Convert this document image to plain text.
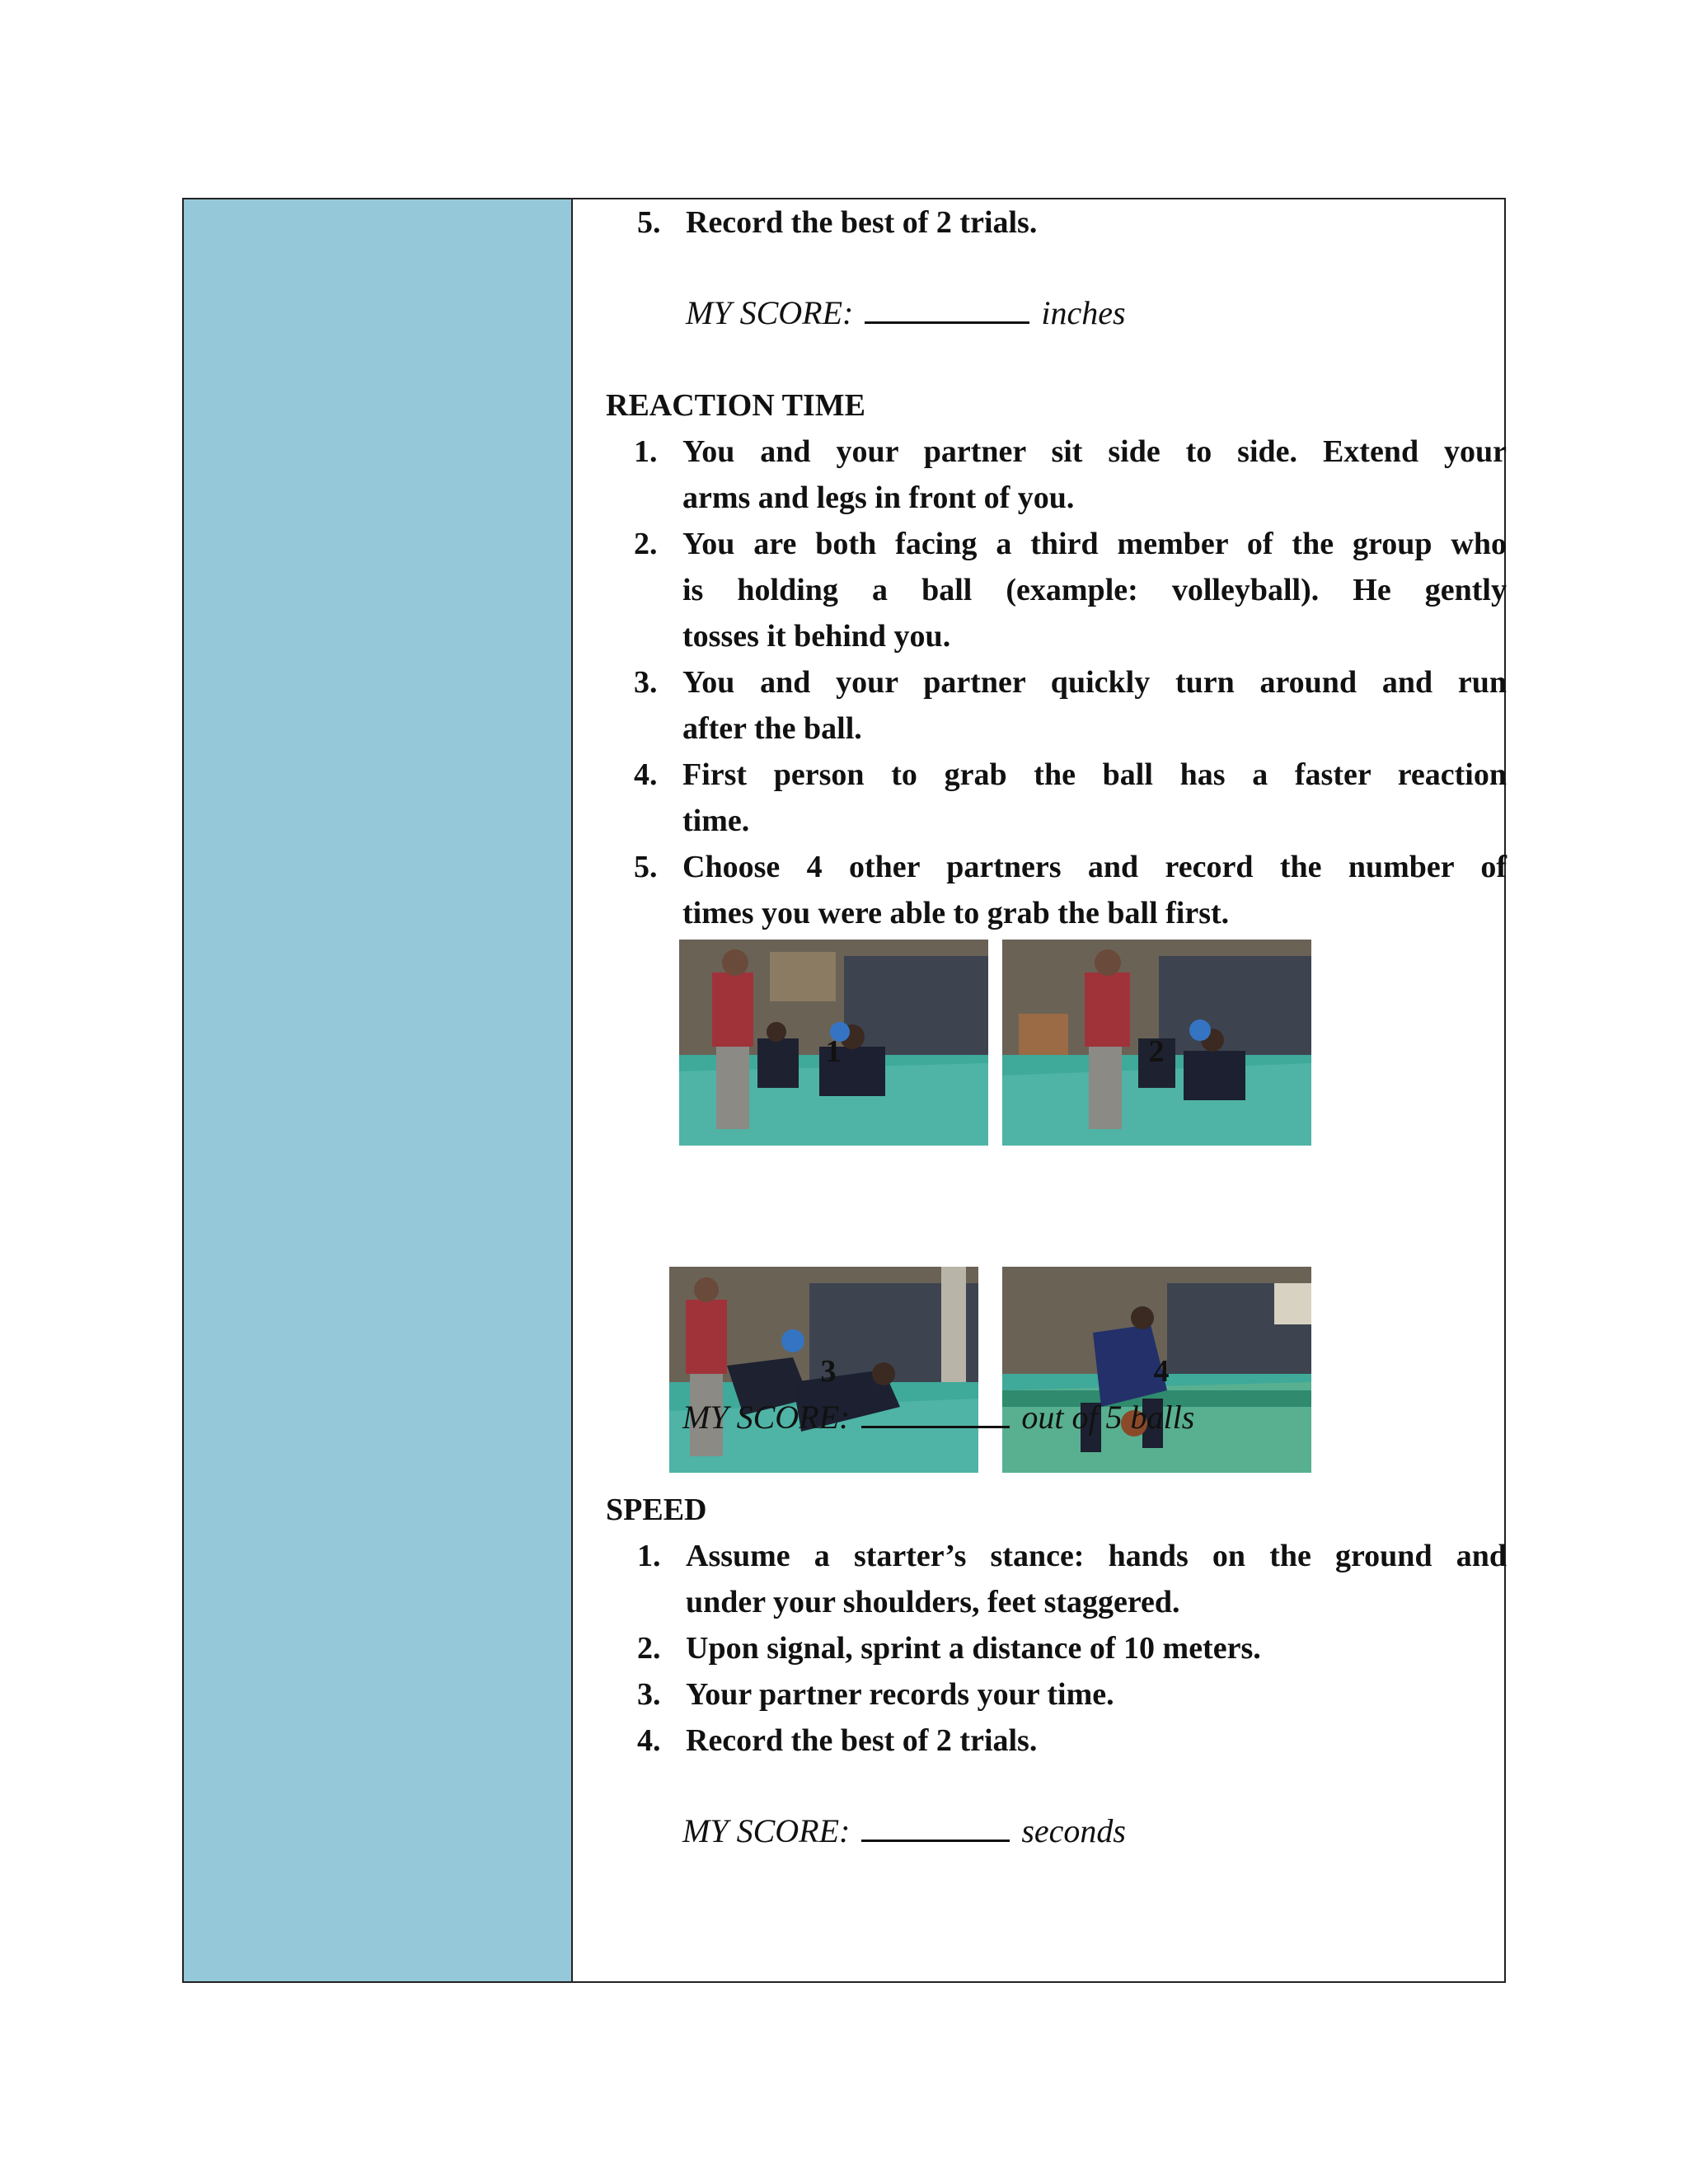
5. Record the best of 2 trials.
MY SCORE:	inches
REACTION TIME
1. You and your partner sit side to side. Extend your
arms and legs in front of you.
2. You are both facing a third member of the group who
is holding a ball (example: volleyball). He gently
tosses it behind you.
3. You and your partner quickly turn around and run
after the ball.
4. First person to grab the ball has a faster reaction
time.
5. Choose 4 other partners and record the number of
times you were able to grab the ball first.
1	2
3	4
MY SCORE:	out of 5 balls
SPEED
1. Assume a starter’s stance: hands on the ground and
under your shoulders, feet staggered.
2. Upon signal, sprint a distance of 10 meters.
3. Your partner records your time.
4. Record the best of 2 trials.
MY SCORE:	seconds
